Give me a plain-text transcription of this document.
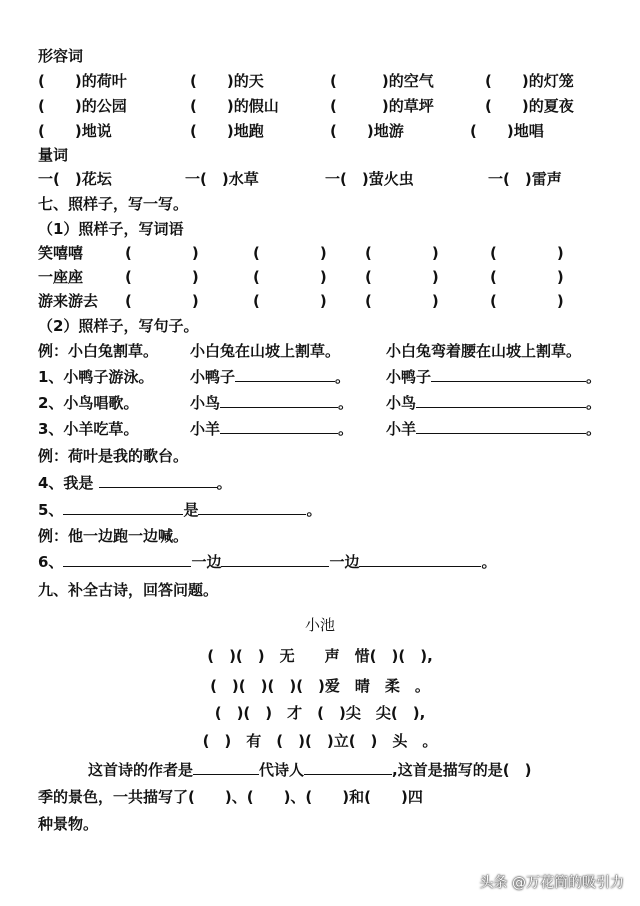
形容词
(　　)的荷叶	(　　)的天	(　　　)的空气	(　　)的灯笼
(　　)的公园	(　　)的假山	(　　　)的草坪	(　　)的夏夜
(　　)地说	(　　)地跑	(　　)地游	(　　)地唱
量词
一(　)花坛	一(　)水草	一(　)萤火虫	一(　)雷声
七、照样子，写一写。
（1）照样子，写词语
笑嘻嘻	(　　　　)	(　　　　)	(　　　　)	(　　　　)
一座座	(　　　　)	(　　　　)	(　　　　)	(　　　　)
游来游去 (　　　　)	(　　　　)	(　　　　)	(　　　　)
（2）照样子，写句子。
例：小白兔割草。 小白兔在山坡上割草。	小白兔弯着腰在山坡上割草。
1、小鸭子游泳。 小鸭子	。 小鸭子	。
2、小鸟唱歌。	小鸟	。 小鸟	。
3、小羊吃草。	小羊	。 小羊	。
例：荷叶是我的歌台。
4、我是	。
5、	是	。
例：他一边跑一边喊。
6、	一边	一边	。
九、补全古诗，回答问题。
小池
(　)(　)　无　　声　惜(　)(　),
(　)(　)(　)(　)爱　晴　柔　。
(　)(　)　才　(　)尖　尖(　),
(　)　有　(　)(　)立(　)　头　。
这首诗的作者是	代诗人	,这首是描写的是(　)
季的景色，一共描写了(　　)、(　　)、(　　)和(　　)四
种景物。
头条 @万花筒的吸引力
